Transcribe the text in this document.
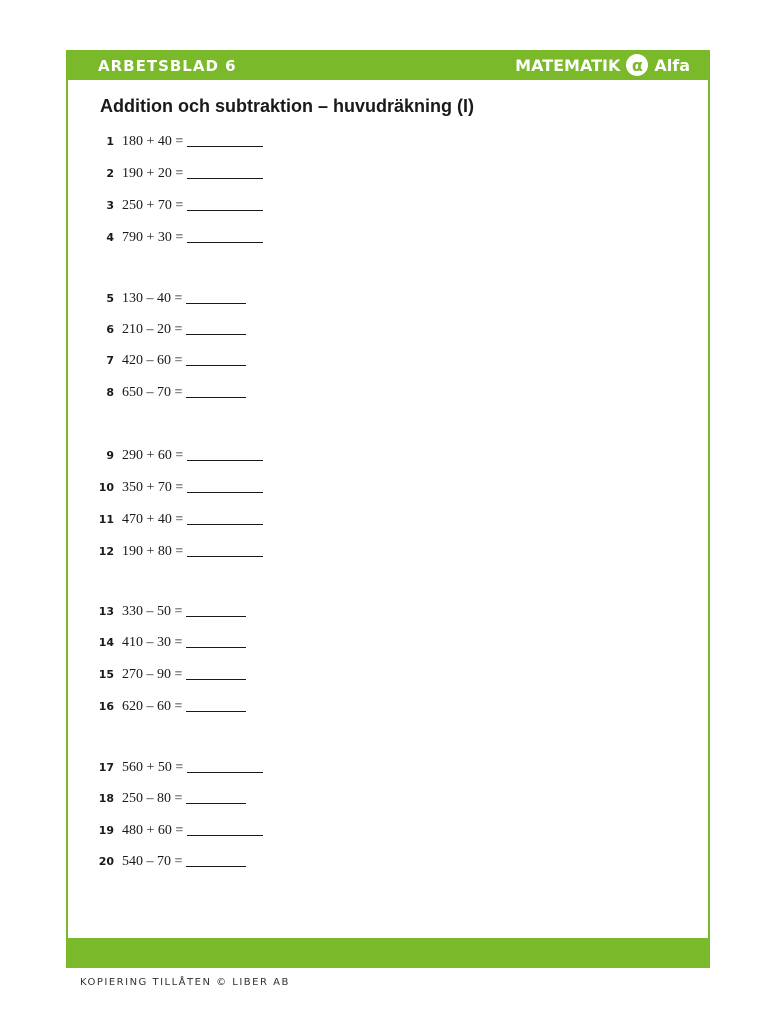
ARBETSBLAD 6	MATEMATIK α Alfa
Addition och subtraktion – huvudräkning (I)
1 180 + 40 =
2 190 + 20 =
3 250 + 70 =
4 790 + 30 =
5 130 – 40 =
6 210 – 20 =
7 420 – 60 =
8 650 – 70 =
9 290 + 60 =
10 350 + 70 =
11 470 + 40 =
12 190 + 80 =
13 330 – 50 =
14 410 – 30 =
15 270 – 90 =
16 620 – 60 =
17 560 + 50 =
18 250 – 80 =
19 480 + 60 =
20 540 – 70 =
KOPIERING TILLÅTEN © LIBER AB
